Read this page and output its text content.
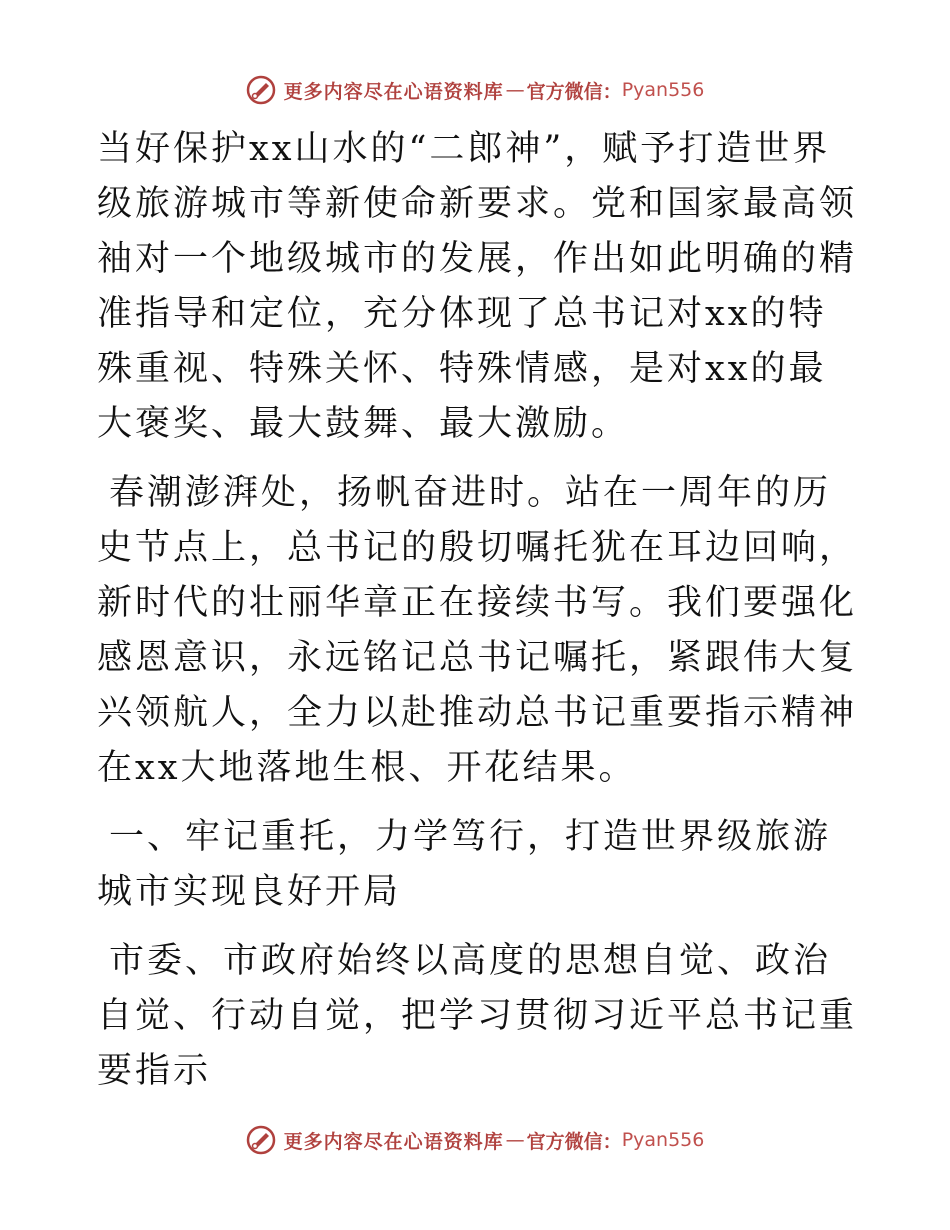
更多内容尽在心语资料库 — 官方微信： Pyan556

当好保护xx山水的“二郎神”，赋予打造世界级旅游城市等新使命新要求。党和国家最高领袖对一个地级城市的发展，作出如此明确的精准指导和定位，充分体现了总书记对xx的特殊重视、特殊关怀、特殊情感，是对xx的最大褒奖、最大鼓舞、最大激励。

春潮澎湃处，扬帆奋进时。站在一周年的历史节点上，总书记的殷切嘱托犹在耳边回响，新时代的壮丽华章正在接续书写。我们要强化感恩意识，永远铭记总书记嘱托，紧跟伟大复兴领航人，全力以赴推动总书记重要指示精神在xx大地落地生根、开花结果。

一、牢记重托，力学笃行，打造世界级旅游城市实现良好开局

市委、市政府始终以高度的思想自觉、政治自觉、行动自觉，把学习贯彻习近平总书记重要指示

更多内容尽在心语资料库 — 官方微信： Pyan556
